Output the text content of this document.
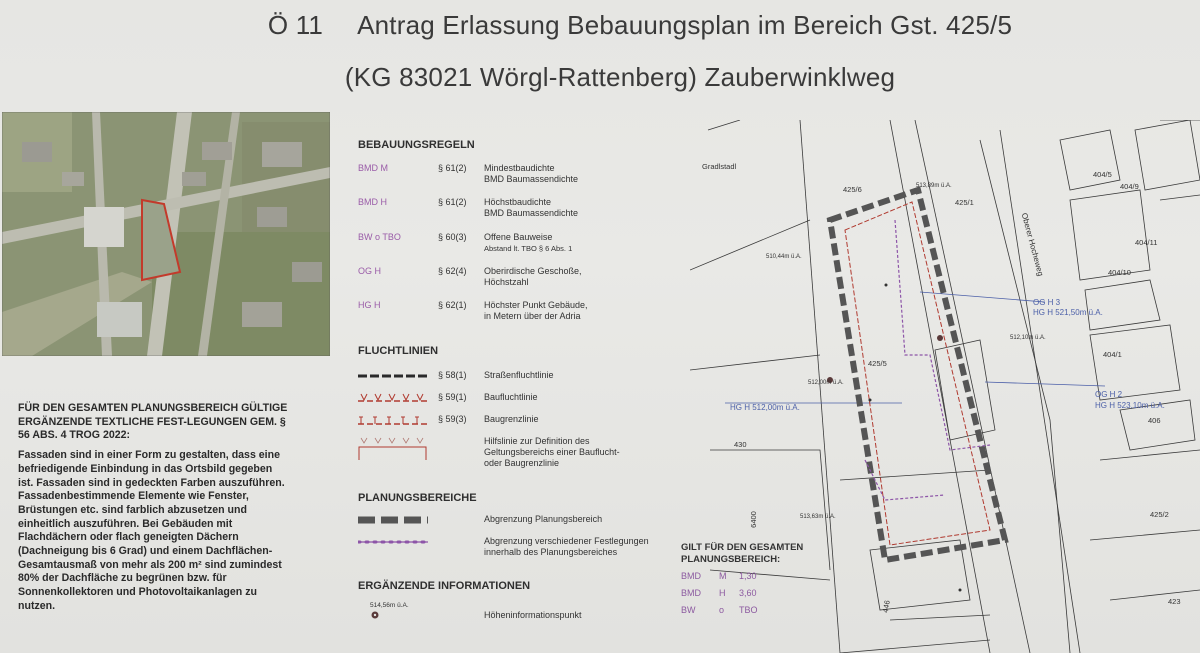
Ö 11 Antrag Erlassung Bebauungsplan im Bereich Gst. 425/5
(KG 83021 Wörgl-Rattenberg) Zauberwinklweg
FÜR DEN GESAMTEN PLANUNGSBEREICH GÜLTIGE ERGÄNZENDE TEXTLICHE FEST-LEGUNGEN GEM. § 56 ABS. 4 TROG 2022:
Fassaden sind in einer Form zu gestalten, dass eine befriedigende Einbindung in das Ortsbild gegeben ist. Fassaden sind in gedeckten Farben auszuführen. Fassadenbestimmende Elemente wie Fenster, Brüstungen etc. sind farblich abzusetzen und einheitlich auszuführen. Bei Gebäuden mit Flachdächern oder flach geneigten Dächern (Dachneigung bis 6 Grad) und einem Dachflächen-Gesamtausmaß von mehr als 200 m² sind zumindest 80% der Dachfläche zu begrünen bzw. für Sonnenkollektoren und Photovoltaikanlagen zu nutzen.
BEBAUUNGSREGELN
BMD M	§ 61(2) Mindestbaudichte
BMD Baumassendichte
BMD H	§ 61(2) Höchstbaudichte
BMD Baumassendichte
BW o TBO	§ 60(3) Offene Bauweise
Abstand lt. TBO § 6 Abs. 1
OG H	§ 62(4) Oberirdische Geschoße,
Höchstzahl
HG H	§ 62(1) Höchster Punkt Gebäude,
in Metern über der Adria
FLUCHTLINIEN
§ 58(1) Straßenfluchtlinie
§ 59(1) Baufluchtlinie
§ 59(3) Baugrenzlinie
Hilfslinie zur Definition des
Geltungsbereichs einer Bauflucht-
oder Baugrenzlinie
PLANUNGSBEREICHE
Abgrenzung Planungsbereich
Abgrenzung verschiedener Festlegungen
innerhalb des Planungsbereiches
ERGÄNZENDE INFORMATIONEN
514,56m ü.A.
Höheninformationspunkt
Gradlstadl
425/6
425/1
425/5
404/5
404/9
404/11
404/10
404/1
430
406
425/2
423
446
6400
Oberer Hocheweg
513,89m ü.A.
510,44m ü.A.
512,00m ü.A.
512,10m ü.A.
513,63m ü.A.
OG H 3
HG H 521,50m ü.A.
HG H 512,00m ü.A.
OG H 2
HG H 523,10m ü.A.
GILT FÜR DEN GESAMTEN
PLANUNGSBEREICH:
BMD M 1,30
BMD H 3,60
BW	o TBO
